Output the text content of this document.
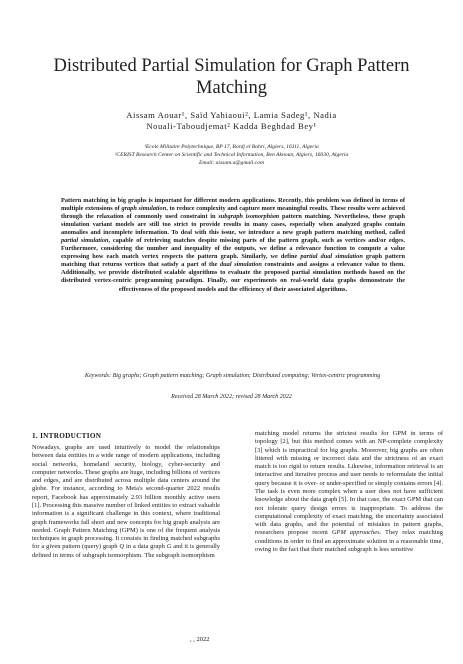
Distributed Partial Simulation for Graph Pattern Matching
Aissam Aouar¹, Saïd Yahiaoui², Lamia Sadeg¹, Nadia
Nouali-Taboudjemat² Kadda Beghdad Bey¹
¹Ecole Militaire Polytechnique, BP 17, Bordj el Bahri, Algiers, 16111, Algeria
²CERIST Research Center on Scientific and Technical Information, Ben Aknoun, Algiers, 16030, Algeria
Email: aissam.a@gmail.com
Pattern matching in big graphs is important for different modern applications. Recently, this problem was defined in terms of multiple extensions of graph simulation, to reduce complexity and capture more meaningful results. These results were achieved through the relaxation of commonly used constraint in subgraph isomorphism pattern matching. Nevertheless, these graph simulation variant models are still too strict to provide results in many cases, especially when analyzed graphs contain anomalies and incomplete information. To deal with this issue, we introduce a new graph pattern matching method, called partial simulation, capable of retrieving matches despite missing parts of the pattern graph, such as vertices and/or edges. Furthermore, considering the number and inequality of the outputs, we define a relevance function to compute a value expressing how each match vertex respects the pattern graph. Similarly, we define partial dual simulation graph pattern matching that returns vertices that satisfy a part of the dual simulation constraints and assigns a relevance value to them. Additionally, we provide distributed scalable algorithms to evaluate the proposed partial simulation methods based on the distributed vertex-centric programming paradigm. Finally, our experiments on real-world data graphs demonstrate the effectiveness of the proposed models and the efficiency of their associated algorithms.
Keywords: Big graphs; Graph pattern matching; Graph simulation; Distributed computing; Vertex-centric programming
Received 28 March 2022; revised 28 March 2022
1. INTRODUCTION
Nowadays, graphs are used intuitively to model the relationships between data entities in a wide range of modern applications, including social networks, homeland security, biology, cyber-security and computer networks. These graphs are huge, including billions of vertices and edges, and are distributed across multiple data centers around the globe. For instance, according to Meta's second-quarter 2022 results report, Facebook has approximately 2.93 billion monthly active users [1]. Processing this massive number of linked entities to extract valuable information is a significant challenge in this context, where traditional graph frameworks fall short and new concepts for big graph analysis are needed. Graph Pattern Matching (GPM) is one of the frequent analysis techniques in graph processing. It consists in finding matched subgraphs for a given pattern (query) graph Q in a data graph G and it is generally defined in terms of subgraph isomorphism. The subgraph isomorphism
matching model returns the strictest results for GPM in terms of topology [2], but this method comes with an NP-complete complexity [3] which is impractical for big graphs. Moreover, big graphs are often littered with missing or incorrect data and the strictness of an exact match is too rigid to return results. Likewise, information retrieval is an interactive and iterative process and user needs to reformulate the initial query because it is over- or under-specified or simply contains errors [4]. The task is even more complex when a user does not have sufficient knowledge about the data graph [5]. In that case, the exact GPM that can not tolerate query design errors is inappropriate. To address the computational complexity of exact matching, the uncertainty associated with data graphs, and the potential of mistakes in pattern graphs, researchers propose recent GPM approaches. They relax matching conditions in order to find an approximate solution in a reasonable time, owing to the fact that their matched subgraph is less sensitive
, , 2022
